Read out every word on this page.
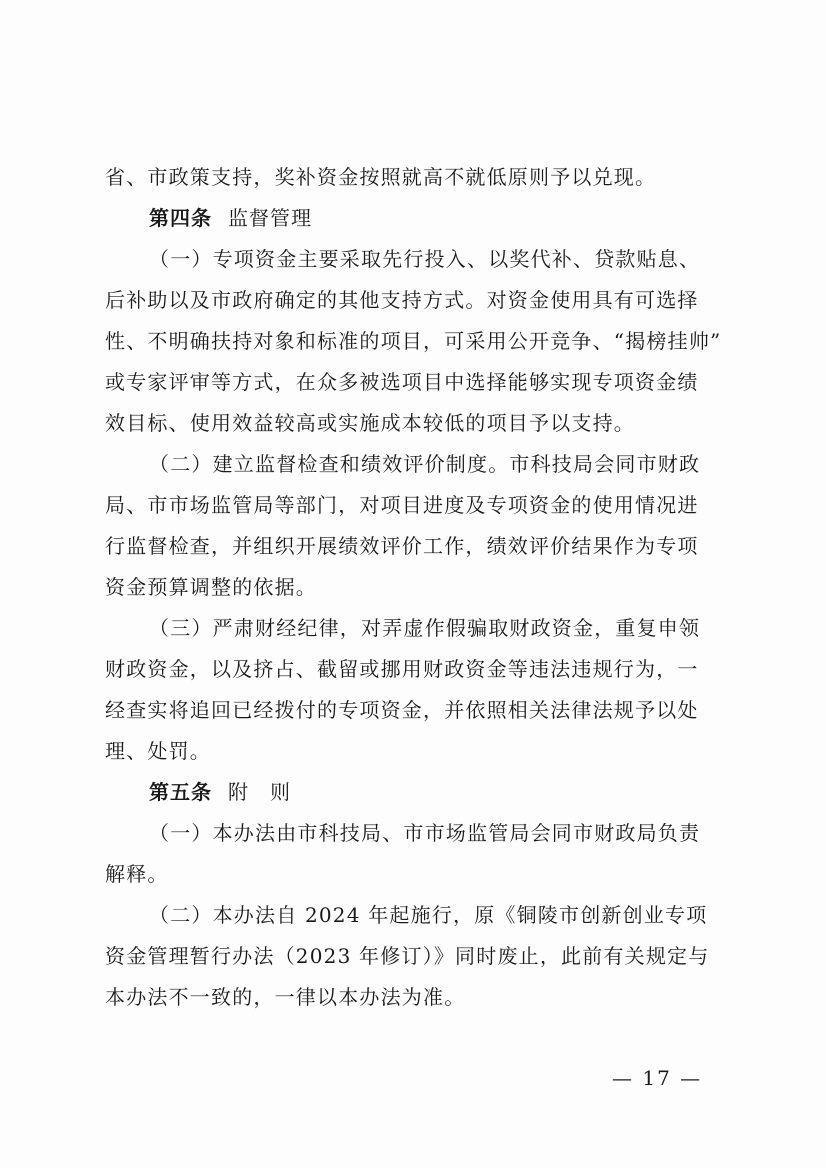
省、市政策支持，奖补资金按照就高不就低原则予以兑现。
第四条 监督管理
（一）专项资金主要采取先行投入、以奖代补、贷款贴息、
后补助以及市政府确定的其他支持方式。对资金使用具有可选择
性、不明确扶持对象和标准的项目，可采用公开竞争、“揭榜挂帅”
或专家评审等方式，在众多被选项目中选择能够实现专项资金绩
效目标、使用效益较高或实施成本较低的项目予以支持。
（二）建立监督检查和绩效评价制度。市科技局会同市财政
局、市市场监管局等部门，对项目进度及专项资金的使用情况进
行监督检查，并组织开展绩效评价工作，绩效评价结果作为专项
资金预算调整的依据。
（三）严肃财经纪律，对弄虚作假骗取财政资金，重复申领
财政资金，以及挤占、截留或挪用财政资金等违法违规行为，一
经查实将追回已经拨付的专项资金，并依照相关法律法规予以处
理、处罚。
第五条 附　则
（一）本办法由市科技局、市市场监管局会同市财政局负责
解释。
（二）本办法自 2024 年起施行，原《铜陵市创新创业专项
资金管理暂行办法（2023 年修订）》同时废止，此前有关规定与
本办法不一致的，一律以本办法为准。
— 17 —
